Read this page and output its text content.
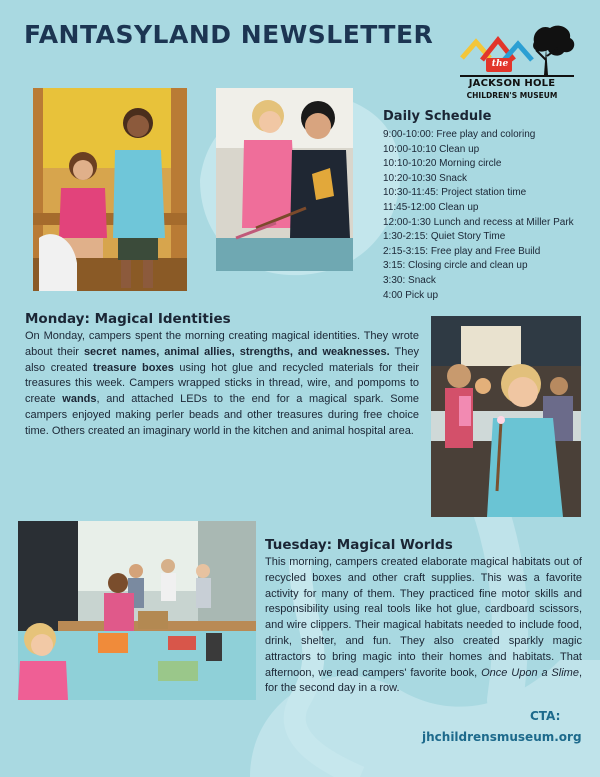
FANTASYLAND NEWSLETTER
the
JACKSON HOLE
CHILDREN'S MUSEUM
Daily Schedule
9:00-10:00: Free play and coloring
10:00-10:10 Clean up
10:10-10:20 Morning circle
10:20-10:30 Snack
10:30-11:45: Project station time
11:45-12:00 Clean up
12:00-1:30 Lunch and recess at Miller Park
1:30-2:15: Quiet Story Time
2:15-3:15: Free play and Free Build
3:15: Closing circle and clean up
3:30: Snack
4:00 Pick up
Monday: Magical Identities

On Monday, campers spent the morning creating magical identities. They wrote about their secret names, animal allies, strengths, and weaknesses. They also created treasure boxes using hot glue and recycled materials for their treasures this week. Campers wrapped sticks in thread, wire, and pompoms to create wands, and attached LEDs to the end for a magical spark. Some campers enjoyed making perler beads and other treasures during free choice time. Others created an imaginary world in the kitchen and animal hospital area.

Tuesday: Magical Worlds

This morning, campers created elaborate magical habitats out of recycled boxes and other craft supplies. This was a favorite activity for many of them. They practiced fine motor skills and responsibility using real tools like hot glue, cardboard scissors, and wire clippers. Their magical habitats needed to include food, drink, shelter, and fun. They also created sparkly magic attractors to bring magic into their homes and habitats. That afternoon, we read campers' favorite book, Once Upon a Slime, for the second day in a row.

CTA:
jhchildrensmuseum.org
